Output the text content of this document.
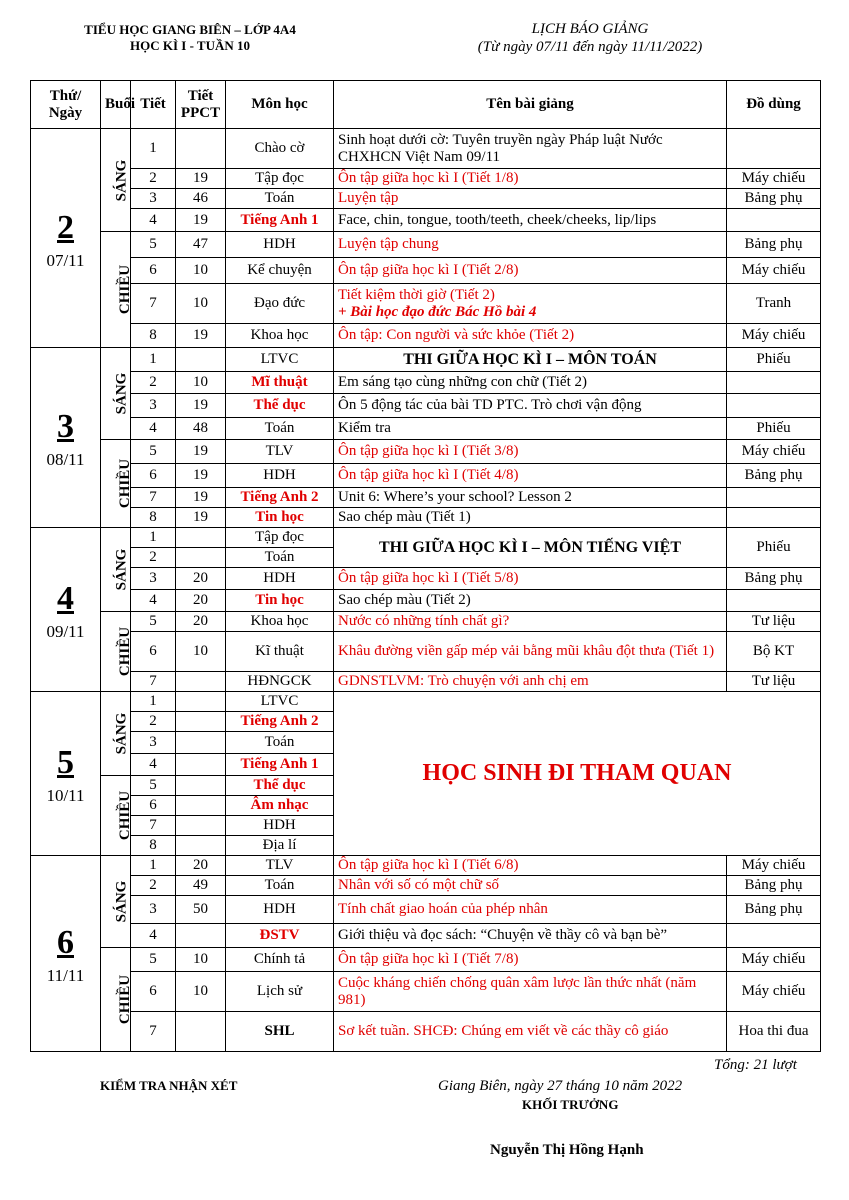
TIỂU HỌC GIANG BIÊN – LỚP 4A4
HỌC KÌ I - TUẦN 10
LỊCH BÁO GIẢNG
(Từ ngày 07/11 đến ngày 11/11/2022)
Thứ/ Ngày	Buổi	Tiết	Tiết PPCT	Môn học	Tên bài giảng	Đồ dùng

2
07/11	SÁNG	1		Chào cờ	Sinh hoạt dưới cờ: Tuyên truyền ngày Pháp luật Nước CHXHCN Việt Nam 09/11	
		2	19	Tập đọc	Ôn tập giữa học kì I (Tiết 1/8)	Máy chiếu
		3	46	Toán	Luyện tập	Bảng phụ
		4	19	Tiếng Anh 1	Face, chin, tongue, tooth/teeth, cheek/cheeks, lip/lips	
	CHIỀU	5	47	HDH	Luyện tập chung	Bảng phụ
		6	10	Kể chuyện	Ôn tập giữa học kì I (Tiết 2/8)	Máy chiếu
		7	10	Đạo đức	Tiết kiệm thời giờ (Tiết 2)
+ Bài học đạo đức Bác Hồ bài 4	Tranh
		8	19	Khoa học	Ôn tập: Con người và sức khỏe (Tiết 2)	Máy chiếu

3
08/11	SÁNG	1		LTVC	THI GIỮA HỌC KÌ I – MÔN TOÁN	Phiếu
		2	10	Mĩ thuật	Em sáng tạo cùng những con chữ (Tiết 2)	
		3	19	Thể dục	Ôn 5 động tác của bài TD PTC. Trò chơi vận động	
		4	48	Toán	Kiểm tra	Phiếu
	CHIỀU	5	19	TLV	Ôn tập giữa học kì I (Tiết 3/8)	Máy chiếu
		6	19	HDH	Ôn tập giữa học kì I (Tiết 4/8)	Bảng phụ
		7	19	Tiếng Anh 2	Unit 6: Where’s your school? Lesson 2	
		8	19	Tin học	Sao chép màu (Tiết 1)	

4
09/11	SÁNG	1		Tập đọc	THI GIỮA HỌC KÌ I – MÔN TIẾNG VIỆT	Phiếu
		2		Toán		
		3	20	HDH	Ôn tập giữa học kì I (Tiết 5/8)	Bảng phụ
		4	20	Tin học	Sao chép màu (Tiết 2)	
	CHIỀU	5	20	Khoa học	Nước có những tính chất gì?	Tư liệu
		6	10	Kĩ thuật	Khâu đường viền gấp mép vải bằng mũi khâu đột thưa (Tiết 1)	Bộ KT
		7		HĐNGCK	GDNSTLVM: Trò chuyện với anh chị em	Tư liệu

5
10/11	SÁNG	1		LTVC	HỌC SINH ĐI THAM QUAN	
		2		Tiếng Anh 2		
		3		Toán		
		4		Tiếng Anh 1		
	CHIỀU	5		Thể dục		
		6		Âm nhạc		
		7		HDH		
		8		Địa lí		

6
11/11	SÁNG	1	20	TLV	Ôn tập giữa học kì I (Tiết 6/8)	Máy chiếu
		2	49	Toán	Nhân với số có một chữ số	Bảng phụ
		3	50	HDH	Tính chất giao hoán của phép nhân	Bảng phụ
		4		ĐSTV	Giới thiệu và đọc sách: “Chuyện về thầy cô và bạn bè”	
	CHIỀU	5	10	Chính tả	Ôn tập giữa học kì I (Tiết 7/8)	Máy chiếu
		6	10	Lịch sử	Cuộc kháng chiến chống quân xâm lược lần thức nhất (năm 981)	Máy chiếu
		7		SHL	Sơ kết tuần. SHCĐ: Chúng em viết về các thầy cô giáo	Hoa thi đua
Tổng: 21 lượt
KIỂM TRA NHẬN XÉT	Giang Biên, ngày 27 tháng 10 năm 2022
KHỐI TRƯỞNG
Nguyễn Thị Hồng Hạnh
